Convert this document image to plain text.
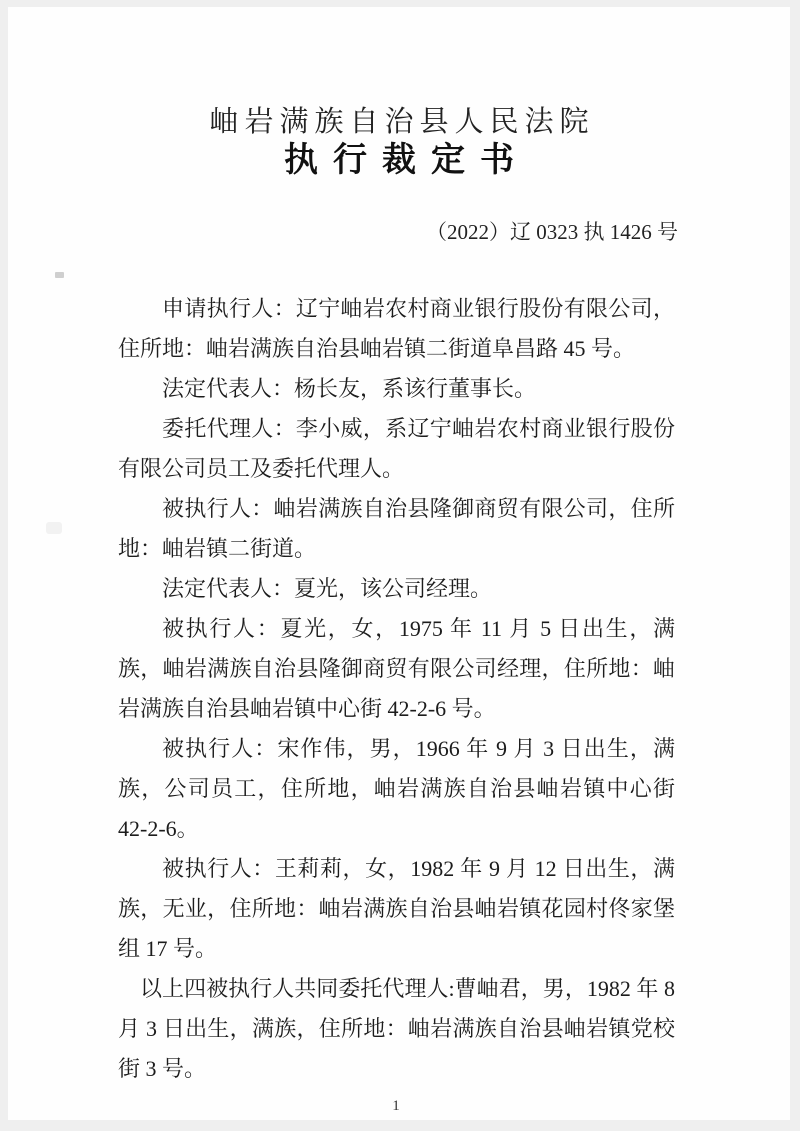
岫岩满族自治县人民法院
执行裁定书
（2022）辽 0323 执 1426 号

申请执行人：辽宁岫岩农村商业银行股份有限公司，住所地：岫岩满族自治县岫岩镇二街道阜昌路 45 号。

法定代表人：杨长友，系该行董事长。

委托代理人：李小威，系辽宁岫岩农村商业银行股份有限公司员工及委托代理人。

被执行人：岫岩满族自治县隆御商贸有限公司，住所地：岫岩镇二街道。

法定代表人：夏光，该公司经理。

被执行人：夏光，女，1975 年 11 月 5 日出生，满族，岫岩满族自治县隆御商贸有限公司经理，住所地：岫岩满族自治县岫岩镇中心街 42-2-6 号。

被执行人：宋作伟，男，1966 年 9 月 3 日出生，满族，公司员工，住所地，岫岩满族自治县岫岩镇中心街 42-2-6。

被执行人：王莉莉，女，1982 年 9 月 12 日出生，满族，无业，住所地：岫岩满族自治县岫岩镇花园村佟家堡组 17 号。

以上四被执行人共同委托代理人:曹岫君，男，1982 年 8 月 3 日出生，满族，住所地：岫岩满族自治县岫岩镇党校街 3 号。

1
